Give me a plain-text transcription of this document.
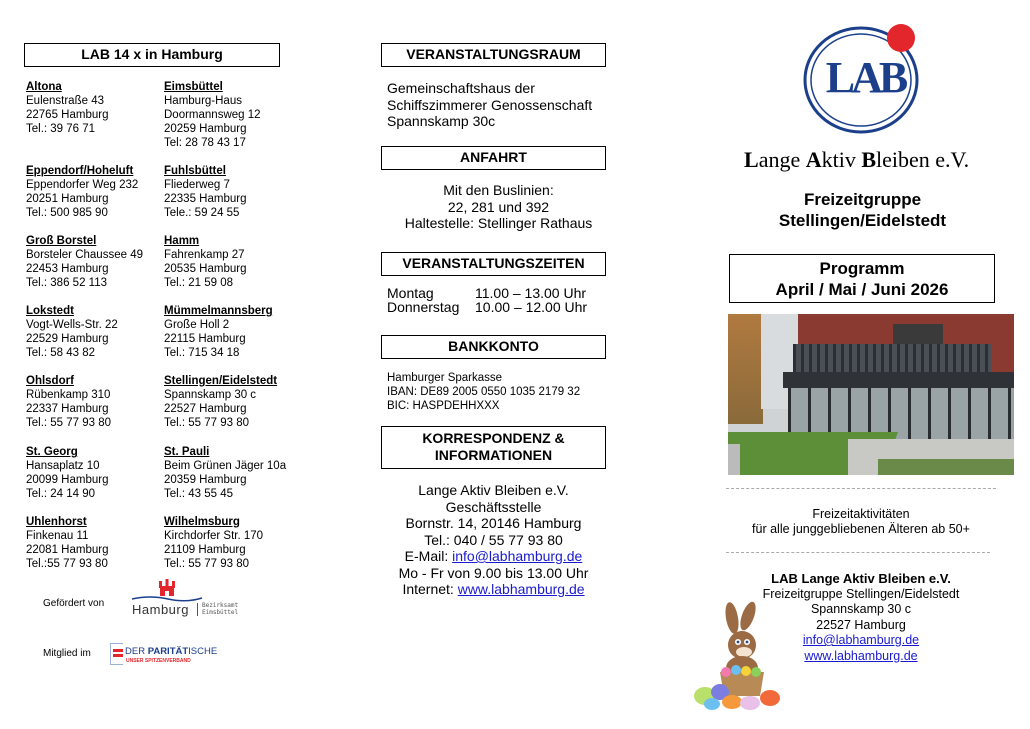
LAB 14 x in Hamburg
Altona
Eulenstraße 43
22765 Hamburg
Tel.: 39 76 71
Eimsbüttel
Hamburg-Haus
Doormannsweg 12
20259 Hamburg
Tel: 28 78 43 17
Eppendorf/Hoheluft
Eppendorfer Weg 232
20251 Hamburg
Tel.: 500 985 90
Fuhlsbüttel
Fliederweg 7
22335 Hamburg
Tele.: 59 24 55
Groß Borstel
Borsteler Chaussee 49
22453 Hamburg
Tel.: 386 52 113
Hamm
Fahrenkamp 27
20535 Hamburg
Tel.: 21 59 08
Lokstedt
Vogt-Wells-Str. 22
22529 Hamburg
Tel.: 58 43 82
Mümmelmannsberg
Große Holl 2
22115 Hamburg
Tel.: 715 34 18
Ohlsdorf
Rübenkamp 310
22337 Hamburg
Tel.: 55 77 93 80
Stellingen/Eidelstedt
Spannskamp 30 c
22527 Hamburg
Tel.: 55 77 93 80
St. Georg
Hansaplatz 10
20099 Hamburg
Tel.: 24 14 90
St. Pauli
Beim Grünen Jäger 10a
20359 Hamburg
Tel.: 43 55 45
Uhlenhorst
Finkenau 11
22081 Hamburg
Tel.:55 77 93 80
Wilhelmsburg
Kirchdorfer Str. 170
21109 Hamburg
Tel.: 55 77 93 80
Gefördert von Hamburg Bezirksamt
Eimsbüttel
Mitglied im	DER PARITÄTISCHE
UNSER SPITZENVERBAND
VERANSTALTUNGSRAUM
Gemeinschaftshaus der
Schiffszimmerer Genossenschaft
Spannskamp 30c
ANFAHRT
Mit den Buslinien:
22, 281 und 392
Haltestelle: Stellinger Rathaus
VERANSTALTUNGSZEITEN
Montag	11.00 – 13.00 Uhr
Donnerstag 10.00 – 12.00 Uhr
BANKKONTO
Hamburger Sparkasse
IBAN: DE89 2005 0550 1035 2179 32
BIC: HASPDEHHXXX
KORRESPONDENZ &
INFORMATIONEN
Lange Aktiv Bleiben e.V.
Geschäftsstelle
Bornstr. 14, 20146 Hamburg
Tel.: 040 / 55 77 93 80
E-Mail: info@labhamburg.de
Mo - Fr von 9.00 bis 13.00 Uhr
Internet: www.labhamburg.de
LAB
Lange Aktiv Bleiben e.V.
Freizeitgruppe
Stellingen/Eidelstedt
Programm
April / Mai / Juni 2026
Freizeitaktivitäten
für alle junggebliebenen Älteren ab 50+
LAB Lange Aktiv Bleiben e.V.
Freizeitgruppe Stellingen/Eidelstedt
Spannskamp 30 c
22527 Hamburg
info@labhamburg.de
www.labhamburg.de
